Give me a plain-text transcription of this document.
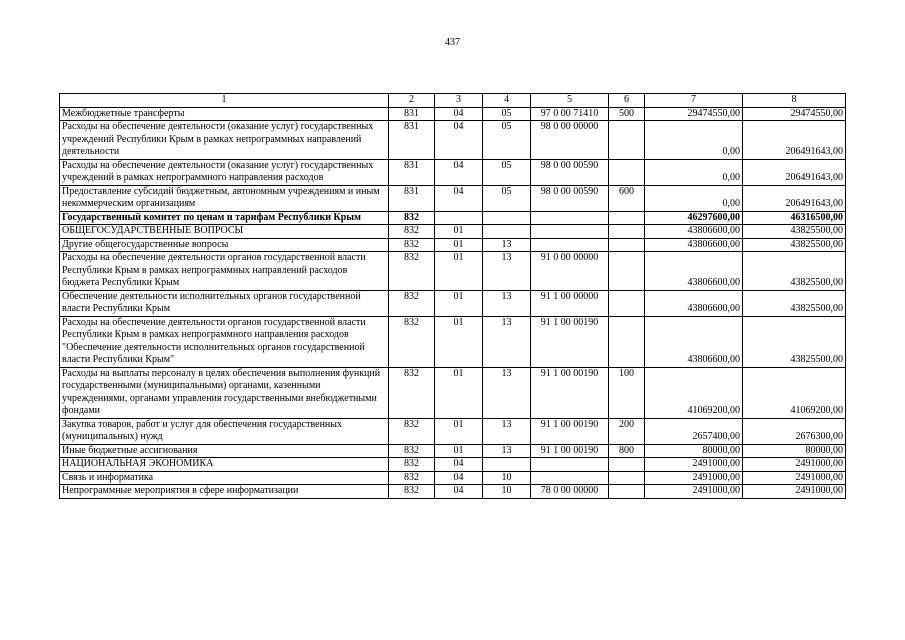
437
1	2	3	4	5	6	7	8
Межбюджетные трансферты	831	04	05	97 0 00 71410	500	29474550,00	29474550,00
Расходы на обеспечение деятельности (оказание услуг) государственных учреждений Республики Крым в рамках непрограммных направлений деятельности	831	04	05	98 0 00 00000		0,00	206491643,00
Расходы на обеспечение деятельности (оказание услуг) государственных учреждений в рамках непрограммного направления расходов	831	04	05	98 0 00 00590		0,00	206491643,00
Предоставление субсидий бюджетным, автономным учреждениям и иным некоммерческим организациям	831	04	05	98 0 00 00590	600	0,00	206491643,00
Государственный комитет по ценам и тарифам Республики Крым	832					46297600,00	46316500,00
ОБЩЕГОСУДАРСТВЕННЫЕ ВОПРОСЫ	832	01				43806600,00	43825500,00
Другие общегосударственные вопросы	832	01	13			43806600,00	43825500,00
Расходы на обеспечение деятельности органов государственной власти Республики Крым в рамках непрограммных направлений расходов бюджета Республики Крым	832	01	13	91 0 00 00000		43806600,00	43825500,00
Обеспечение деятельности исполнительных органов государственной власти Республики Крым	832	01	13	91 1 00 00000		43806600,00	43825500,00
Расходы на обеспечение деятельности органов государственной власти Республики Крым в рамках непрограммного направления расходов "Обеспечение деятельности исполнительных органов государственной власти Республики Крым"	832	01	13	91 1 00 00190		43806600,00	43825500,00
Расходы на выплаты персоналу в целях обеспечения выполнения функций государственными (муниципальными) органами, казенными учреждениями, органами управления государственными внебюджетными фондами	832	01	13	91 1 00 00190	100	41069200,00	41069200,00
Закупка товаров, работ и услуг для обеспечения государственных (муниципальных) нужд	832	01	13	91 1 00 00190	200	2657400,00	2676300,00
Иные бюджетные ассигнования	832	01	13	91 1 00 00190	800	80000,00	80000,00
НАЦИОНАЛЬНАЯ ЭКОНОМИКА	832	04				2491000,00	2491000,00
Связь и информатика	832	04	10			2491000,00	2491000,00
Непрограммные мероприятия в сфере информатизации	832	04	10	78 0 00 00000		2491000,00	2491000,00
